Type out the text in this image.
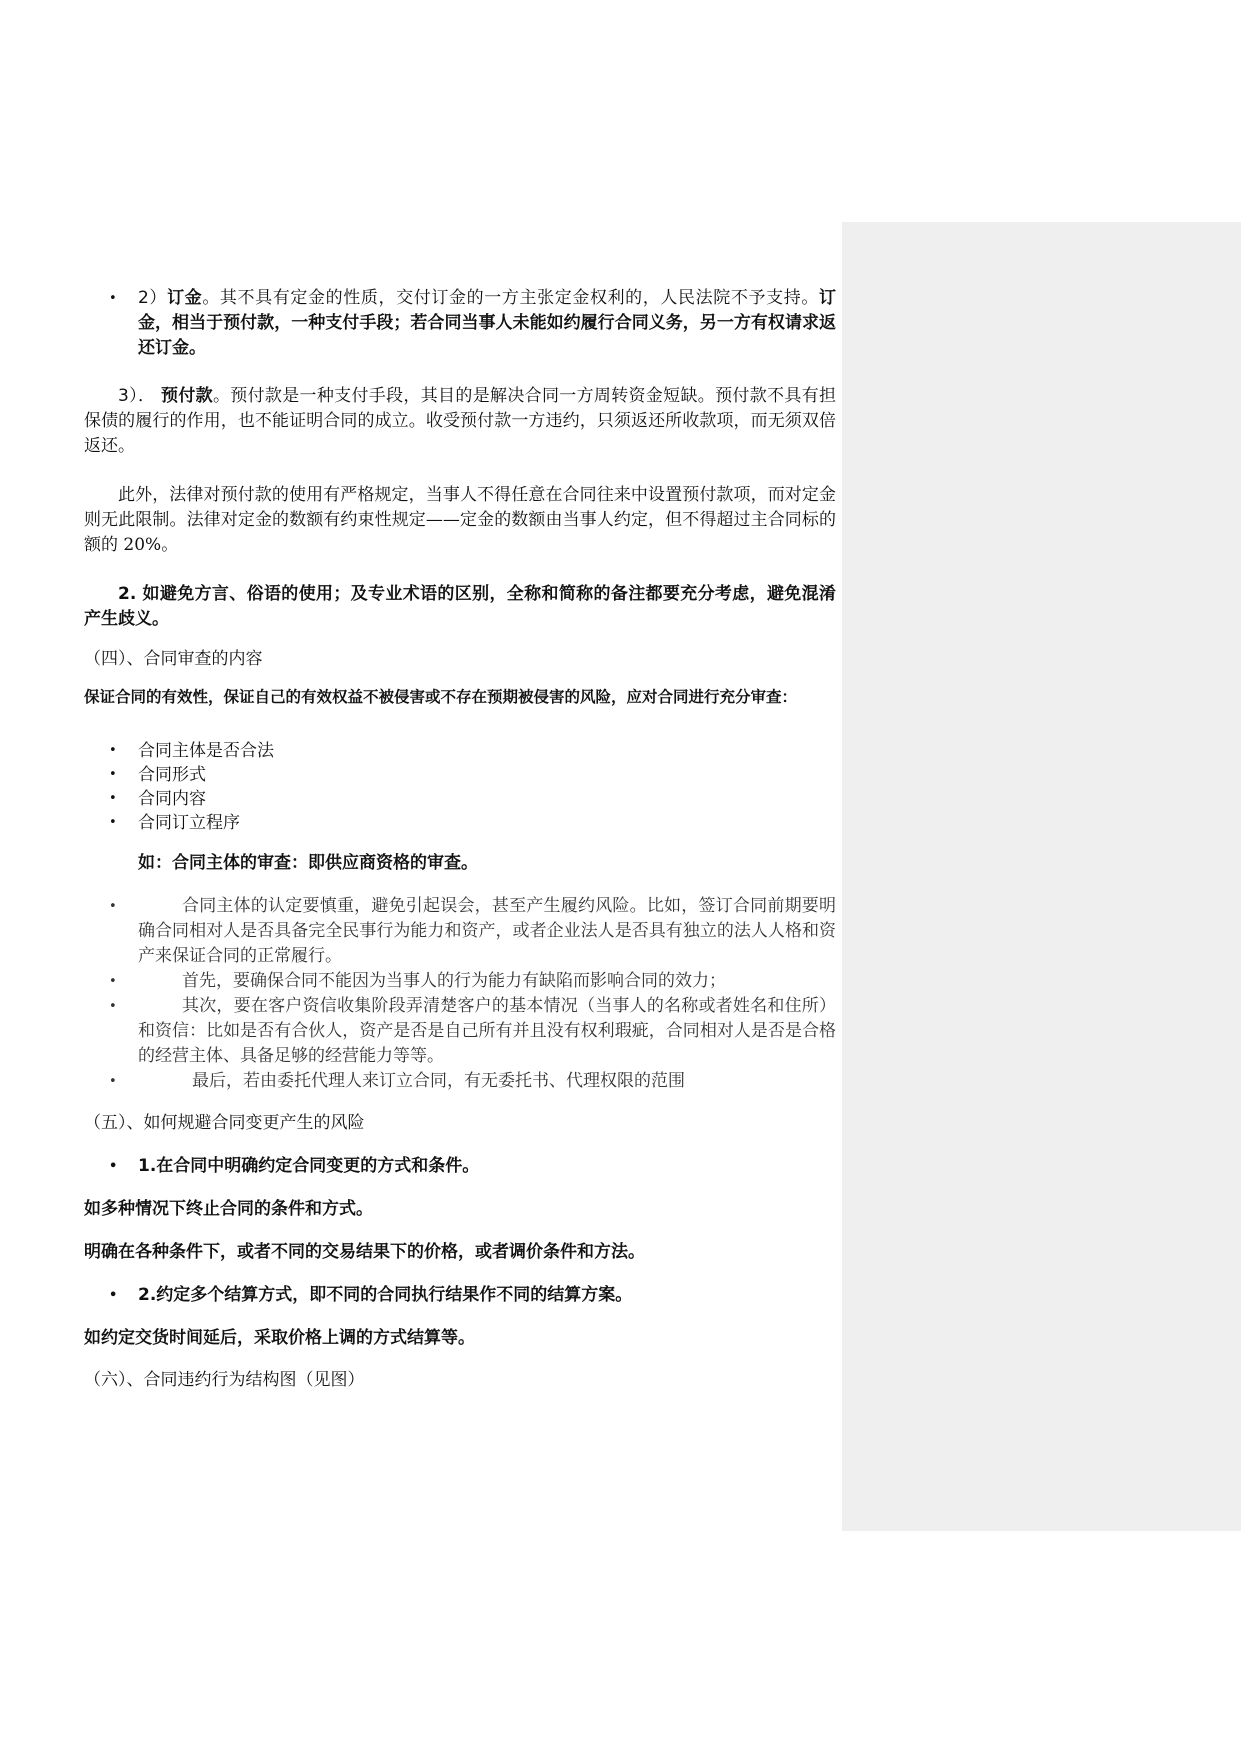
• 2）订金。其不具有定金的性质，交付订金的一方主张定金权利的，人民法院不予支持。订金，相当于预付款，一种支付手段；若合同当事人未能如约履行合同义务，另一方有权请求返还订金。
3）． 预付款。预付款是一种支付手段，其目的是解决合同一方周转资金短缺。预付款不具有担保债的履行的作用，也不能证明合同的成立。收受预付款一方违约，只须返还所收款项，而无须双倍返还。
此外，法律对预付款的使用有严格规定，当事人不得任意在合同往来中设置预付款项，而对定金则无此限制。法律对定金的数额有约束性规定——定金的数额由当事人约定，但不得超过主合同标的额的 20%。
2. 如避免方言、俗语的使用；及专业术语的区别，全称和简称的备注都要充分考虑，避免混淆产生歧义。
（四）、合同审查的内容
保证合同的有效性，保证自己的有效权益不被侵害或不存在预期被侵害的风险，应对合同进行充分审查：
• 合同主体是否合法
• 合同形式
• 合同内容
• 合同订立程序
如：合同主体的审查：即供应商资格的审查。
•	合同主体的认定要慎重，避免引起误会，甚至产生履约风险。比如，签订合同前期要明确合同相对人是否具备完全民事行为能力和资产，或者企业法人是否具有独立的法人人格和资产来保证合同的正常履行。
•	首先，要确保合同不能因为当事人的行为能力有缺陷而影响合同的效力；
•	其次，要在客户资信收集阶段弄清楚客户的基本情况（当事人的名称或者姓名和住所）和资信：比如是否有合伙人，资产是否是自己所有并且没有权利瑕疵，合同相对人是否是合格的经营主体、具备足够的经营能力等等。
•	最后，若由委托代理人来订立合同，有无委托书、代理权限的范围
（五）、如何规避合同变更产生的风险
• 1.在合同中明确约定合同变更的方式和条件。
如多种情况下终止合同的条件和方式。
明确在各种条件下，或者不同的交易结果下的价格，或者调价条件和方法。
• 2.约定多个结算方式，即不同的合同执行结果作不同的结算方案。
如约定交货时间延后，采取价格上调的方式结算等。
（六）、合同违约行为结构图（见图）
